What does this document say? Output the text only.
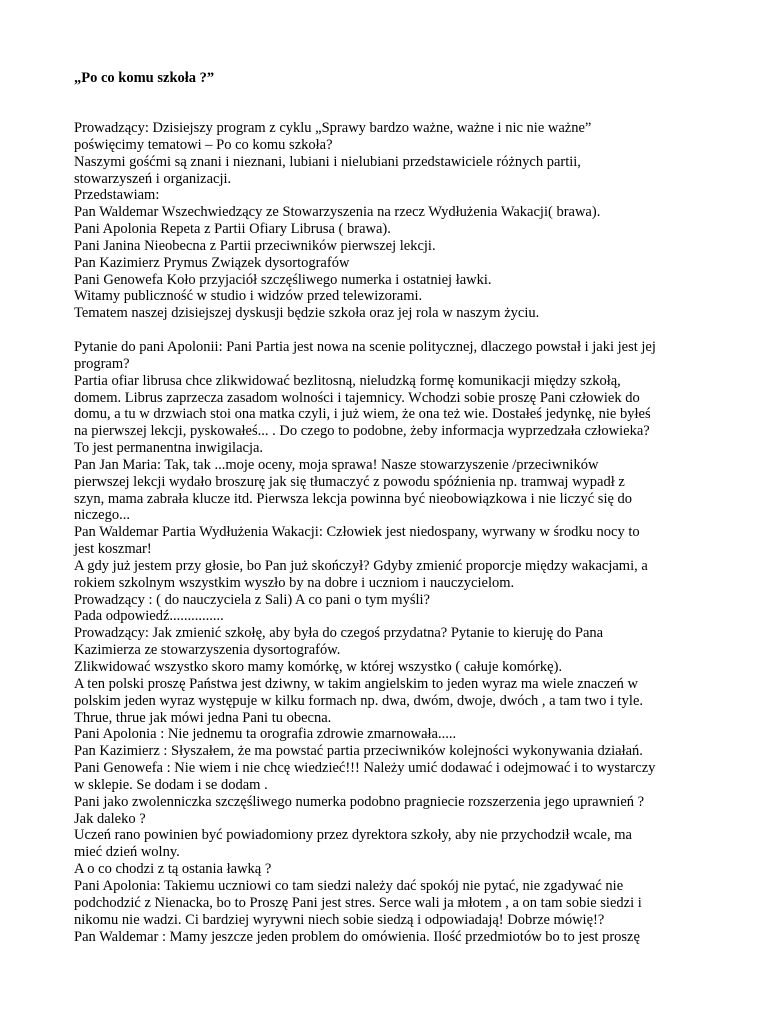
„Po co komu szkoła ?”
Prowadzący: Dzisiejszy program z cyklu „Sprawy bardzo ważne, ważne i nic nie ważne”
poświęcimy tematowi – Po co komu szkoła?
Naszymi gośćmi są znani i nieznani, lubiani i nielubiani przedstawiciele różnych partii,
stowarzyszeń i organizacji.
Przedstawiam:
Pan Waldemar Wszechwiedzący ze Stowarzyszenia na rzecz Wydłużenia Wakacji( brawa).
Pani Apolonia Repeta z Partii Ofiary Librusa ( brawa).
Pani Janina Nieobecna z Partii przeciwników pierwszej lekcji.
Pan Kazimierz Prymus Związek dysortografów
Pani Genowefa Koło przyjaciół szczęśliwego numerka i ostatniej ławki.
Witamy publiczność w studio i widzów przed telewizorami.
Tematem naszej dzisiejszej dyskusji będzie szkoła oraz jej rola w naszym życiu.
Pytanie do pani Apolonii: Pani Partia jest nowa na scenie politycznej, dlaczego powstał i jaki jest jej
program?
Partia ofiar librusa chce zlikwidować bezlitosną, nieludzką formę komunikacji między szkołą,
domem. Librus zaprzecza zasadom wolności i tajemnicy. Wchodzi sobie proszę Pani człowiek do
domu, a tu w drzwiach stoi ona matka czyli, i już wiem, że ona też wie. Dostałeś jedynkę, nie byłeś
na pierwszej lekcji, pyskowałeś... . Do czego to podobne, żeby informacja wyprzedzała człowieka?
To jest permanentna inwigilacja.
Pan Jan Maria: Tak, tak ...moje oceny, moja sprawa! Nasze stowarzyszenie /przeciwników
pierwszej lekcji wydało broszurę jak się tłumaczyć z powodu spóźnienia np. tramwaj wypadł z
szyn, mama zabrała klucze itd. Pierwsza lekcja powinna być nieobowiązkowa i nie liczyć się do
niczego...
Pan Waldemar Partia Wydłużenia Wakacji: Człowiek jest niedospany, wyrwany w środku nocy to
jest koszmar!
A gdy już jestem przy głosie, bo Pan już skończył? Gdyby zmienić proporcje między wakacjami, a
rokiem szkolnym wszystkim wyszło by na dobre i uczniom i nauczycielom.
Prowadzący : ( do nauczyciela z Sali) A co pani o tym myśli?
Pada odpowiedź...............
Prowadzący: Jak zmienić szkołę, aby była do czegoś przydatna? Pytanie to kieruję do Pana
Kazimierza ze stowarzyszenia dysortografów.
Zlikwidować wszystko skoro mamy komórkę, w której wszystko ( całuje komórkę).
A ten polski proszę Państwa jest dziwny, w takim angielskim to jeden wyraz ma wiele znaczeń w
polskim jeden wyraz występuje w kilku formach np. dwa, dwóm, dwoje, dwóch , a tam two i tyle.
Thrue, thrue jak mówi jedna Pani tu obecna.
Pani Apolonia : Nie jednemu ta orografia zdrowie zmarnowała.....
Pan Kazimierz : Słyszałem, że ma powstać partia przeciwników kolejności wykonywania działań.
Pani Genowefa : Nie wiem i nie chcę wiedzieć!!! Należy umić dodawać i odejmować i to wystarczy
w sklepie. Se dodam i se dodam .
Pani jako zwolenniczka szczęśliwego numerka podobno pragniecie rozszerzenia jego uprawnień ?
Jak daleko ?
Uczeń rano powinien być powiadomiony przez dyrektora szkoły, aby nie przychodził wcale, ma
mieć dzień wolny.
A o co chodzi z tą ostania ławką ?
Pani Apolonia: Takiemu uczniowi co tam siedzi należy dać spokój nie pytać, nie zgadywać nie
podchodzić z Nienacka, bo to Proszę Pani jest stres. Serce wali ja młotem , a on tam sobie siedzi i
nikomu nie wadzi. Ci bardziej wyrywni niech sobie siedzą i odpowiadają! Dobrze mówię!?
Pan Waldemar : Mamy jeszcze jeden problem do omówienia. Ilość przedmiotów bo to jest proszę
